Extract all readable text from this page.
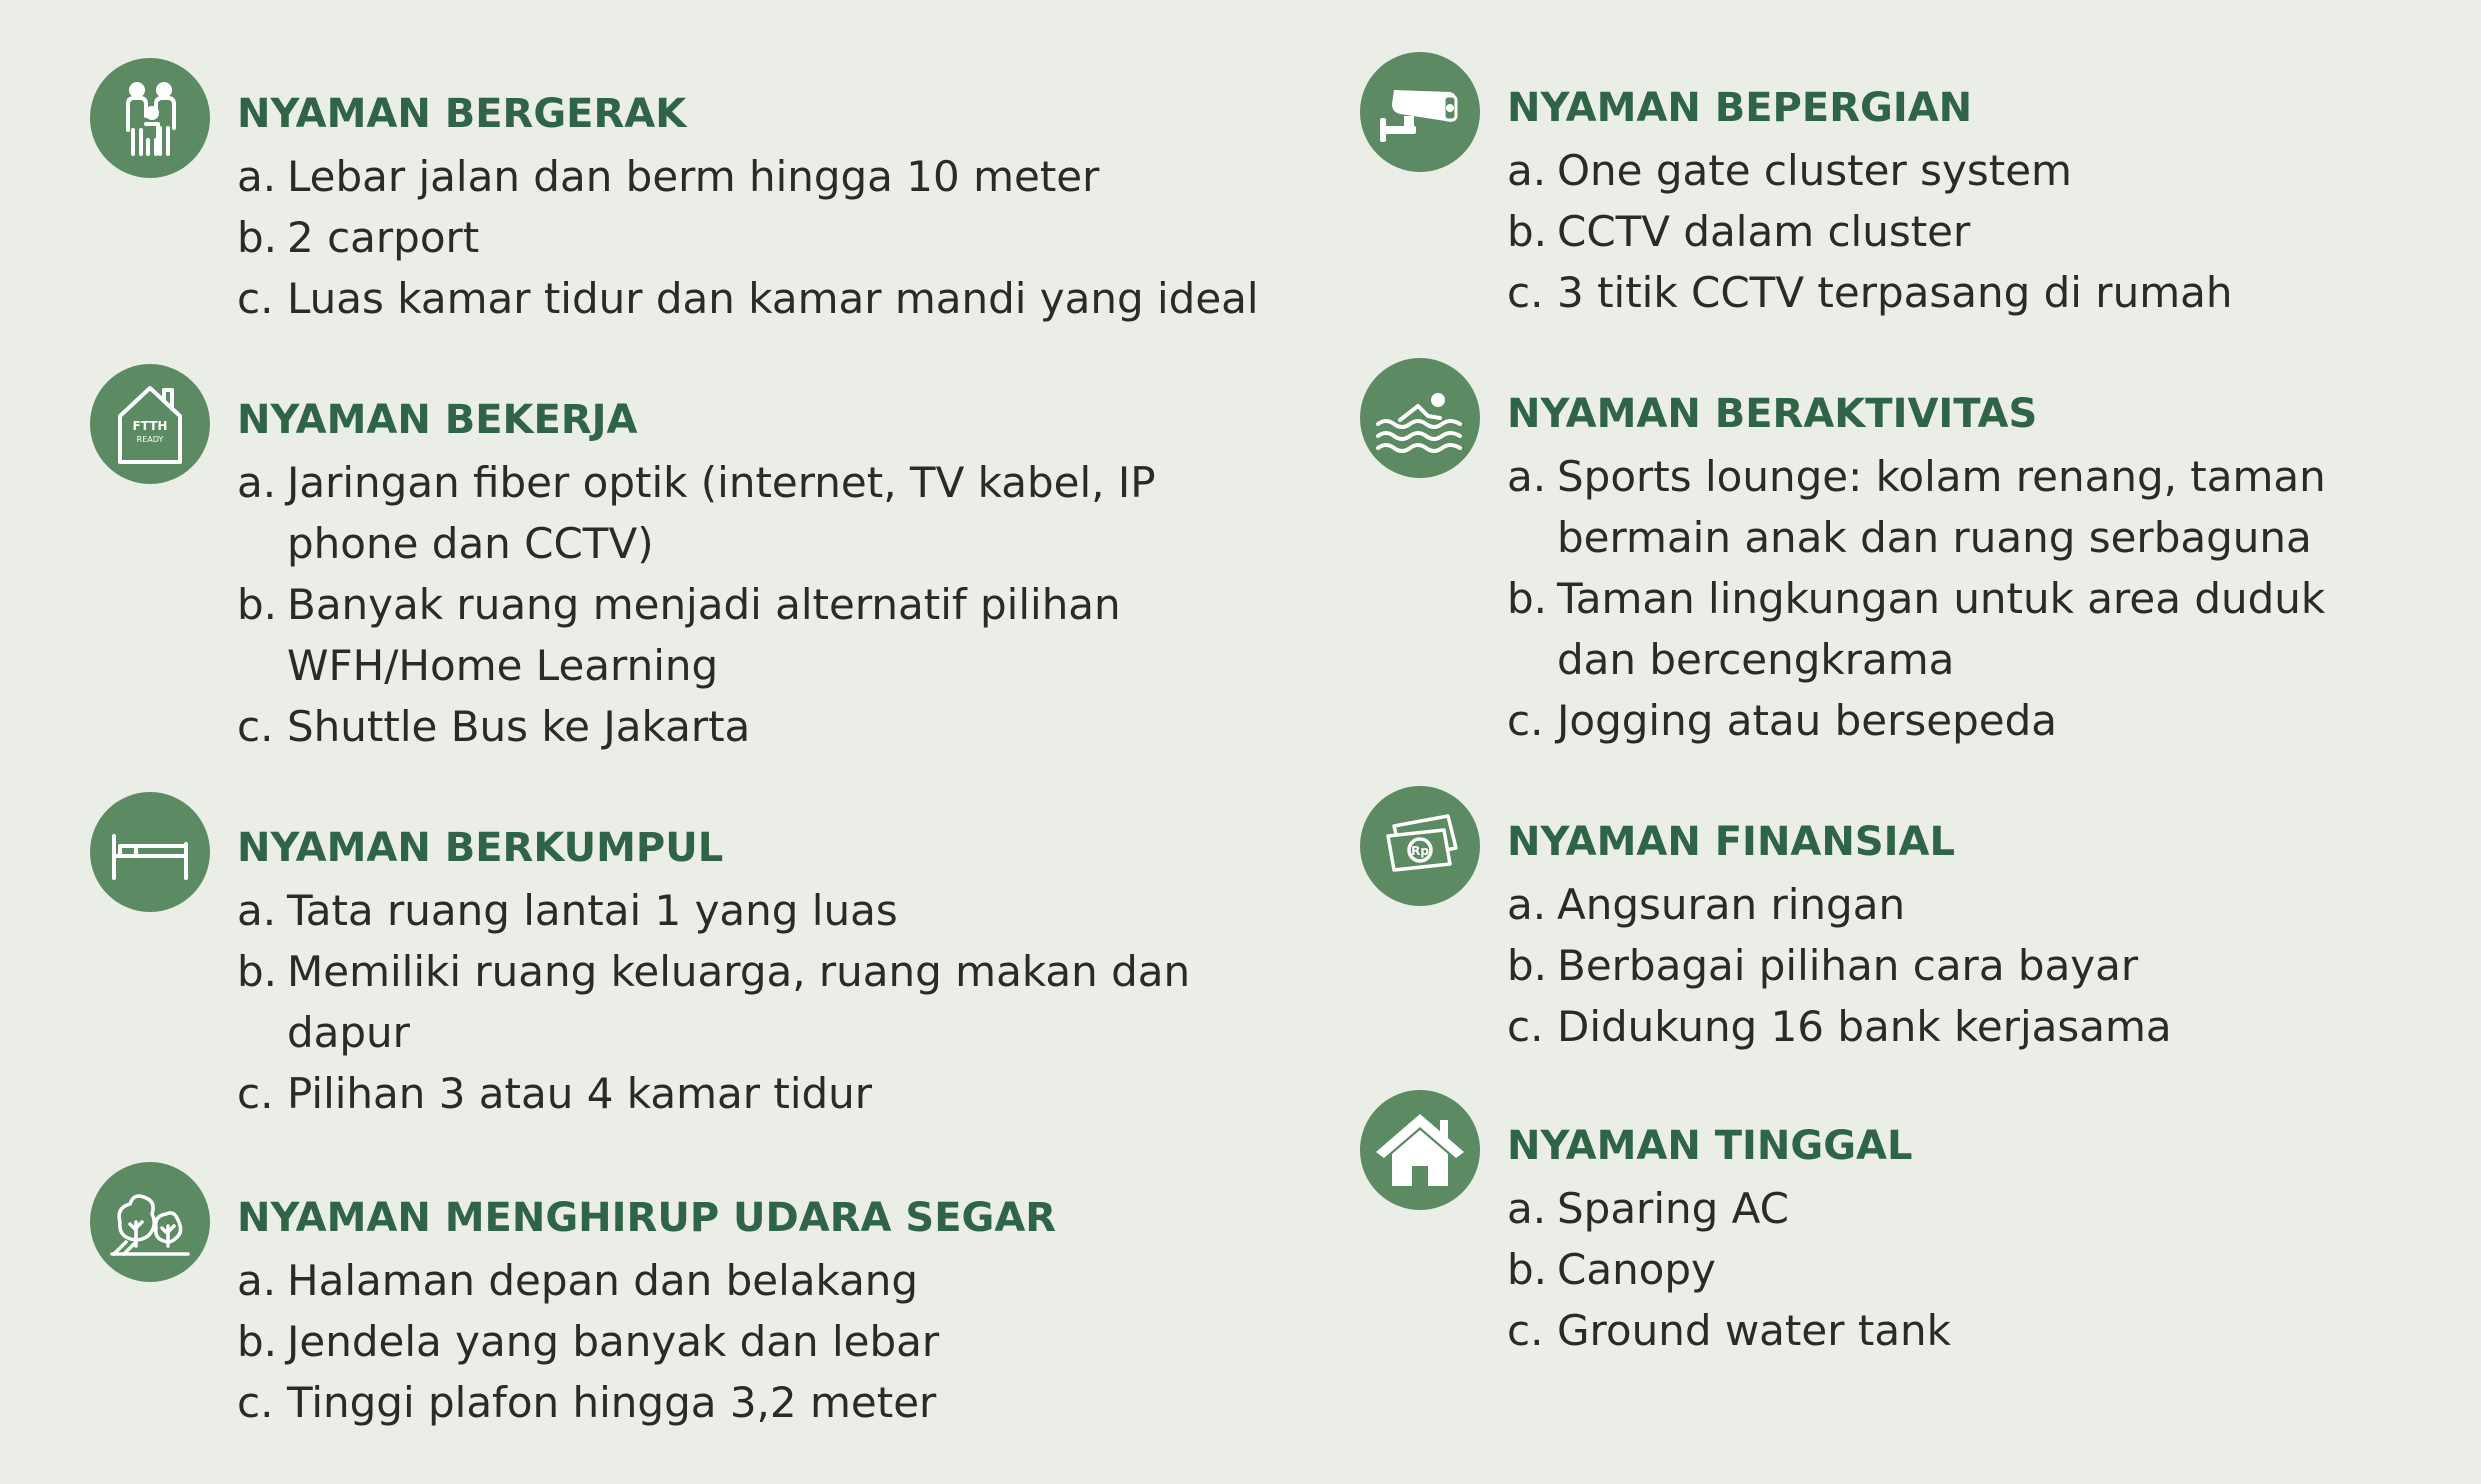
NYAMAN BERGERAK
a. Lebar jalan dan berm hingga 10 meter
b. 2 carport
c. Luas kamar tidur dan kamar mandi yang ideal
FTTH
READY NYAMAN BEKERJA
a. Jaringan fiber optik (internet, TV kabel, IP
phone dan CCTV)
b. Banyak ruang menjadi alternatif pilihan
WFH/Home Learning
c. Shuttle Bus ke Jakarta
NYAMAN BERKUMPUL
a. Tata ruang lantai 1 yang luas
b. Memiliki ruang keluarga, ruang makan dan
dapur
c. Pilihan 3 atau 4 kamar tidur
NYAMAN MENGHIRUP UDARA SEGAR
a. Halaman depan dan belakang
b. Jendela yang banyak dan lebar
c. Tinggi plafon hingga 3,2 meter
NYAMAN BEPERGIAN
a. One gate cluster system
b. CCTV dalam cluster
c. 3 titik CCTV terpasang di rumah
NYAMAN BERAKTIVITAS
a. Sports lounge: kolam renang, taman
bermain anak dan ruang serbaguna
b. Taman lingkungan untuk area duduk
dan bercengkrama
c. Jogging atau bersepeda
Rp NYAMAN FINANSIAL
a. Angsuran ringan
b. Berbagai pilihan cara bayar
c. Didukung 16 bank kerjasama
NYAMAN TINGGAL
a. Sparing AC
b. Canopy
c. Ground water tank
